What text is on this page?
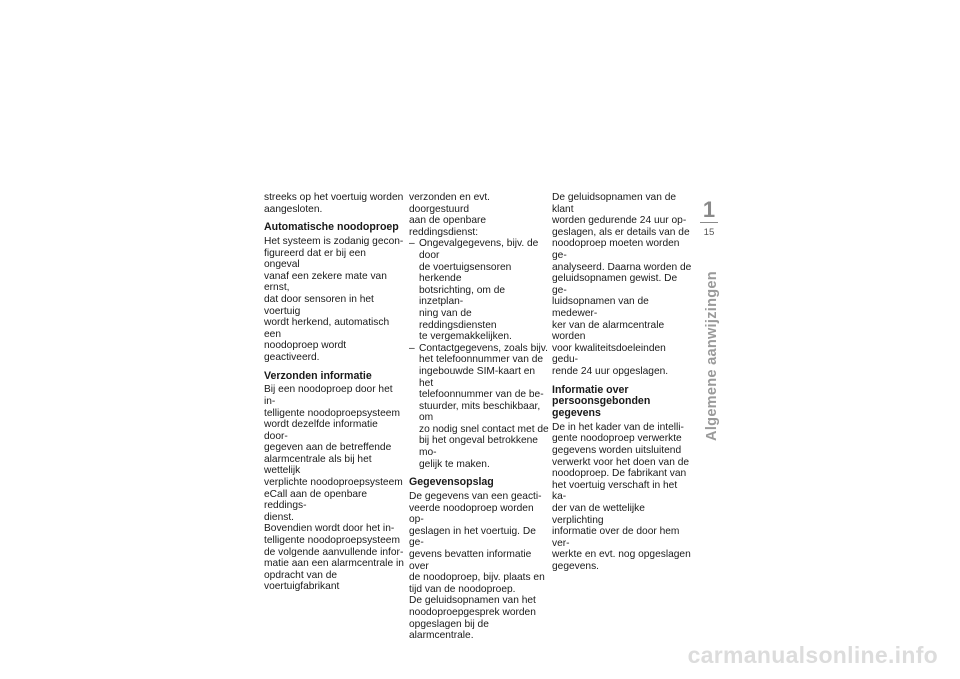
streeks op het voertuig worden
aangesloten.

Automatische noodoproep

Het systeem is zodanig gecon-
figureerd dat er bij een ongeval
vanaf een zekere mate van ernst,
dat door sensoren in het voertuig
wordt herkend, automatisch een
noodoproep wordt geactiveerd.

Verzonden informatie

Bij een noodoproep door het in-
telligente noodoproepsysteem
wordt dezelfde informatie door-
gegeven aan de betreffende
alarmcentrale als bij het wettelijk
verplichte noodoproepsysteem
eCall aan de openbare reddings-
dienst.
Bovendien wordt door het in-
telligente noodoproepsysteem
de volgende aanvullende infor-
matie aan een alarmcentrale in
opdracht van de voertuigfabrikant

verzonden en evt. doorgestuurd
aan de openbare reddingsdienst:

– Ongevalgegevens, bijv. de door
de voertuigsensoren herkende
botsrichting, om de inzetplan-
ning van de reddingsdiensten
te vergemakkelijken.
– Contactgegevens, zoals bijv.
het telefoonnummer van de
ingebouwde SIM-kaart en het
telefoonnummer van de be-
stuurder, mits beschikbaar, om
zo nodig snel contact met de
bij het ongeval betrokkene mo-
gelijk te maken.
Gegevensopslag

De gegevens van een geacti-
veerde noodoproep worden op-
geslagen in het voertuig. De ge-
gevens bevatten informatie over
de noodoproep, bijv. plaats en
tijd van de noodoproep.
De geluidsopnamen van het
noodoproepgesprek worden
opgeslagen bij de alarmcentrale.

De geluidsopnamen van de klant
worden gedurende 24 uur op-
geslagen, als er details van de
noodoproep moeten worden ge-
analyseerd. Daarna worden de
geluidsopnamen gewist. De ge-
luidsopnamen van de medewer-
ker van de alarmcentrale worden
voor kwaliteitsdoeleinden gedu-
rende 24 uur opgeslagen.

Informatie over
persoonsgebonden gegevens

De in het kader van de intelli-
gente noodoproep verwerkte
gegevens worden uitsluitend
verwerkt voor het doen van de
noodoproep. De fabrikant van
het voertuig verschaft in het ka-
der van de wettelijke verplichting
informatie over de door hem ver-
werkte en evt. nog opgeslagen
gegevens.

1
15
Algemene aanwijzingen
carmanualsonline.info
